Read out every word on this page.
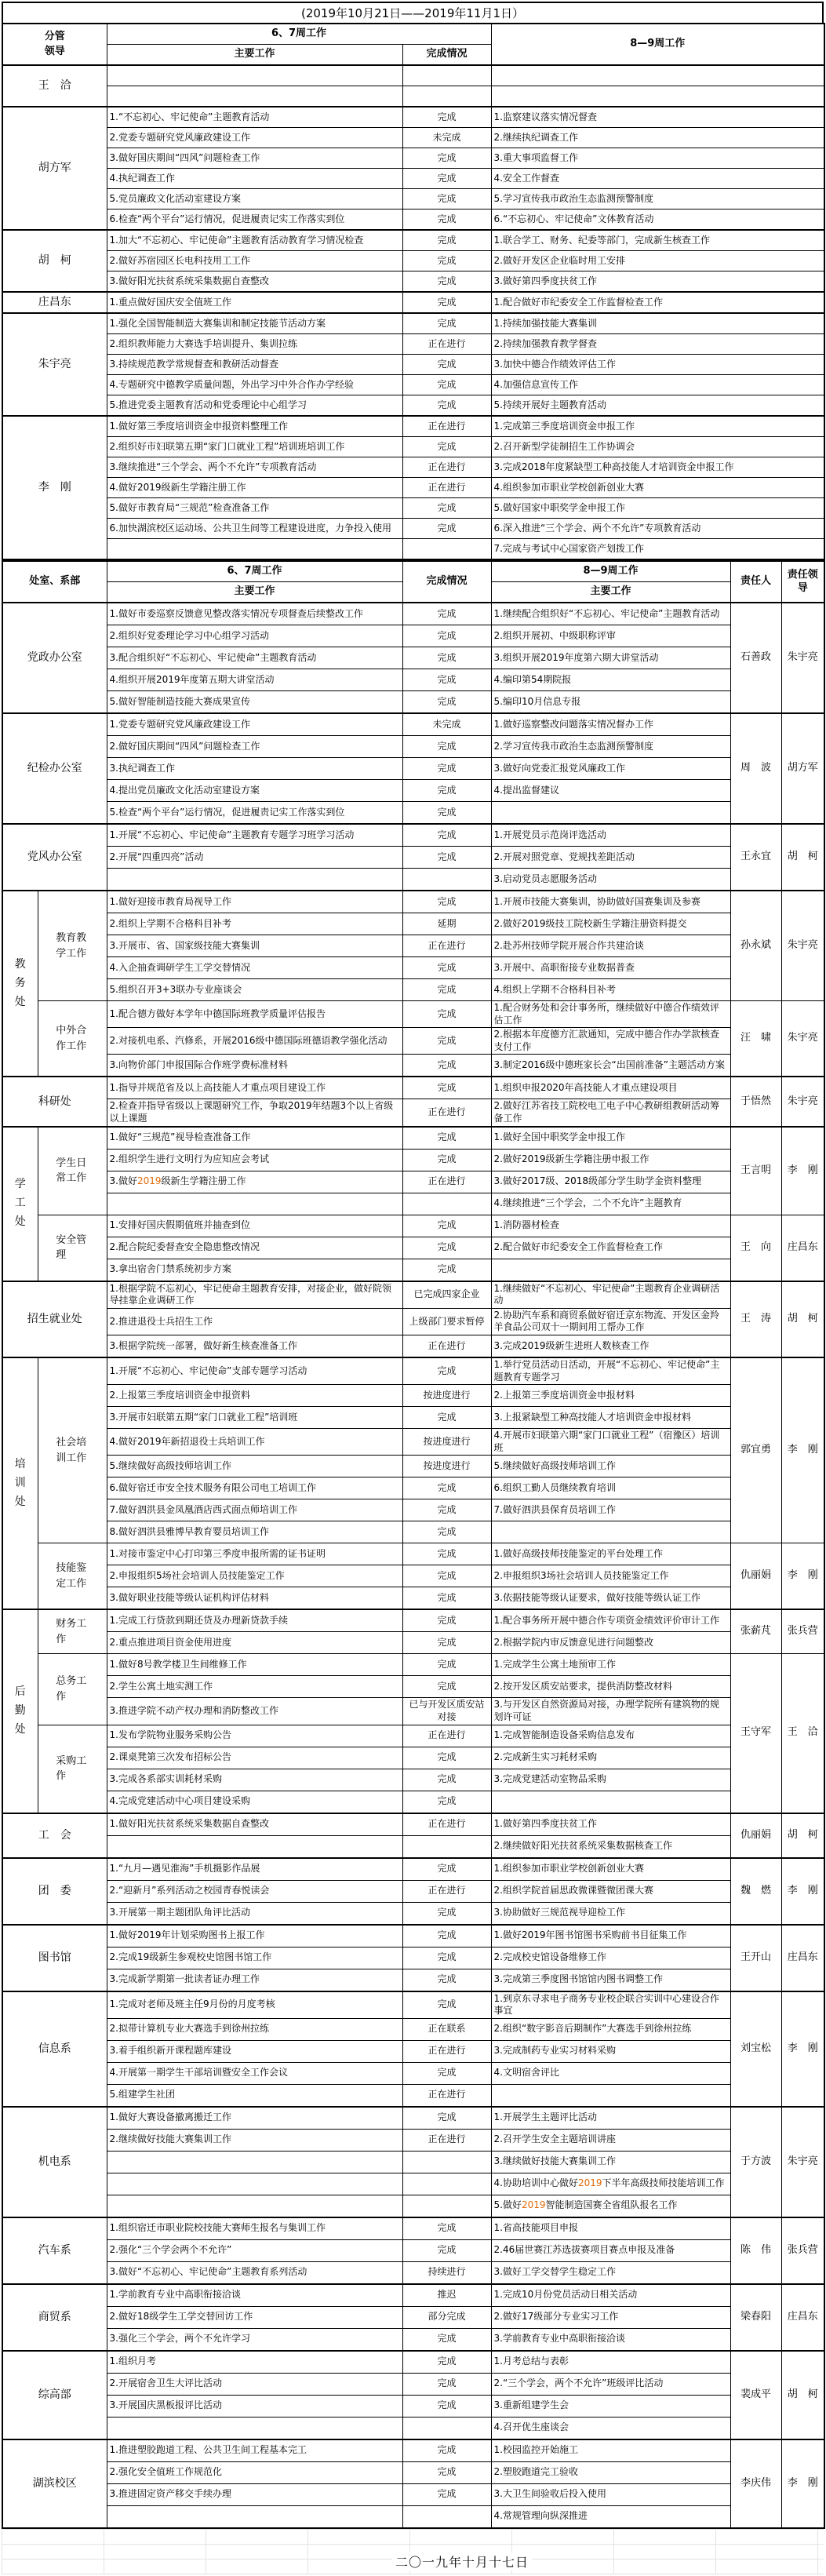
(2019年10月21日——2019年11月1日）
分管领导	6、7周工作		8—9周工作
	主要工作	完成情况	
王　洽			

胡方军	1.“不忘初心、牢记使命”主题教育活动	完成	1.监察建议落实情况督查
	2.党委专题研究党风廉政建设工作	未完成	2.继续执纪调查工作
	3.做好国庆期间“四风”问题检查工作	完成	3.重大事项监督工作
	4.执纪调查工作	完成	4.安全工作督查
	5.党员廉政文化活动室建设方案	完成	5.学习宣传我市政治生态监测预警制度
	6.检查“两个平台”运行情况，促进履责记实工作落实到位	完成	6.“不忘初心、牢记使命”文体教育活动
胡　柯	1.加大“不忘初心、牢记使命”主题教育活动教育学习情况检查	完成	1.联合学工、财务、纪委等部门，完成新生核查工作
	2.做好苏宿园区长电科技用工工作	完成	2.做好开发区企业临时用工安排
	3.做好阳光扶贫系统采集数据自查整改	完成	3.做好第四季度扶贫工作
庄昌东	1.重点做好国庆安全值班工作	完成	1.配合做好市纪委安全工作监督检查工作
朱宇亮	1.强化全国智能制造大赛集训和制定技能节活动方案	完成	1.持续加强技能大赛集训
	2.组织教师能力大赛选手培训提升、集训拉练	正在进行	2.持续加强教育教学督查
	3.持续规范教学常规督查和教研活动督查	完成	3.加快中德合作绩效评估工作
	4.专题研究中德教学质量问题，外出学习中外合作办学经验	完成	4.加强信息宣传工作
	5.推进党委主题教育活动和党委理论中心组学习	完成	5.持续开展好主题教育活动
李　刚	1.做好第三季度培训资金申报资料整理工作	正在进行	1.完成第三季度培训资金申报工作
	2.组织好市妇联第五期“家门口就业工程”培训班培训工作	完成	2.召开新型学徒制招生工作协调会
	3.继续推进“三个学会、两个不允许”专项教育活动	正在进行	3.完成2018年度紧缺型工种高技能人才培训资金申报工作
	4.做好2019级新生学籍注册工作	正在进行	4.组织参加市职业学校创新创业大赛
	5.做好市教育局“三规范”检查准备工作	完成	5.做好国家中职奖学金申报工作
	6.加快湖滨校区运动场、公共卫生间等工程建设进度，力争投入使用	完成	6.深入推进“三个学会、两个不允许”专项教育活动
			7.完成与考试中心国家资产划拨工作
处室、系部		6、7周工作	完成情况	8—9周工作	责任人	责任领导
		主要工作		主要工作		
党政办公室		1.做好市委巡察反馈意见整改落实情况专项督查后续整改工作	完成	1.继续配合组织好“不忘初心、牢记使命”主题教育活动	石善政	朱宇亮
		2.组织好党委理论学习中心组学习活动	完成	2.组织开展初、中级职称评审		
		3.配合组织好“不忘初心、牢记使命”主题教育活动	完成	3.组织开展2019年度第六期大讲堂活动		
		4.组织开展2019年度第五期大讲堂活动	完成	4.编印第54期院报		
		5.做好智能制造技能大赛成果宣传	完成	5.编印10月信息专报		
纪检办公室		1.党委专题研究党风廉政建设工作	未完成	1.做好巡察整改问题落实情况督办工作	周　波	胡方军
		2.做好国庆期间“四风”问题检查工作	完成	2.学习宣传我市政治生态监测预警制度		
		3.执纪调查工作	完成	3.做好向党委汇报党风廉政工作		
		4.提出党员廉政文化活动室建设方案	完成	4.提出监督建议		
		5.检查“两个平台”运行情况，促进履责记实工作落实到位	完成			
党风办公室		1.开展“不忘初心、牢记使命”主题教育专题学习班学习活动	完成	1.开展党员示范岗评选活动	王永宜	胡　柯
		2.开展“四重四亮”活动	完成	2.开展对照党章、党规找差距活动		
				3.启动党员志愿服务活动		

教务处	教育教学工作	1.做好迎接市教育局视导工作	完成	1.开展市技能大赛集训，协助做好国赛集训及参赛	孙永斌	朱宇亮
		2.组织上学期不合格科目补考	延期	2.做好2019级技工院校新生学籍注册资料提交		
		3.开展市、省、国家级技能大赛集训	正在进行	2.赴苏州技师学院开展合作共建洽谈		
		4.入企抽查调研学生工学交替情况	完成	3.开展中、高职衔接专业数据普查		
		5.组织召开3+3联办专业座谈会	完成	4.组织上学期不合格科目补考		
	中外合作工作	1.配合德方做好本学年中德国际班教学质量评估报告	完成	1.配合财务处和会计事务所，继续做好中德合作绩效评估工作	汪　啸	朱宇亮
		2.对接机电系、汽修系，开展2016级中德国际班德语教学强化活动	完成	2.根据本年度德方汇款通知，完成中德合作办学款核查支付工作		
		3.向物价部门申报国际合作班学费标准材料	完成	3.制定2016级中德班家长会“出国前准备”主题活动方案		
科研处		1.指导并规范省及以上高技能人才重点项目建设工作	完成	1.组织申报2020年高技能人才重点建设项目	于悟然	朱宇亮
		2.检查并指导省级以上课题研究工作，争取2019年结题3个以上省级以上课题	正在进行	2.做好江苏省技工院校电工电子中心教研组教研活动筹备工作		

学工处	学生日常工作	1.做好“三规范”视导检查准备工作	完成	1.做好全国中职奖学金申报工作	王言明	李　刚
		2.组织学生进行文明行为应知应会考试	完成	2.做好2019级新生学籍注册申报工作		
		3.做好2019级新生学籍注册工作	正在进行	3.做好2017级、2018级部分学生助学金资料整理		
				4.继续推进“三个学会，二个不允许”主题教育		
	安全管理	1.安排好国庆假期值班并抽查到位	完成	1.消防器材检查	王　向	庄昌东
		2.配合院纪委督查安全隐患整改情况	完成	2.配合做好市纪委安全工作监督检查工作		
		3.拿出宿舍门禁系统初步方案	完成			
招生就业处		1.根据学院不忘初心，牢记使命主题教育安排，对接企业，做好院领导挂靠企业调研工作	已完成四家企业	1.继续做好“不忘初心、牢记使命”主题教育企业调研活动	王　涛	胡　柯
		2.推进退役士兵招生工作	上级部门要求暂停	2.协助汽车系和商贸系做好宿迁京东物流、开发区金羚羊食品公司双十一期间用工帮办工作		
		3.根据学院统一部署，做好新生核查准备工作	正在进行	3.完成2019级新生进班人数核查工作		

培训处	社会培训工作	1.开展“不忘初心、牢记使命”支部专题学习活动	完成	1.举行党员活动日活动，开展“不忘初心、牢记使命”主题教育专题学习	郭宜勇	李　刚
		2.上报第三季度培训资金申报资料	按进度进行	2.上报第三季度培训资金申报材料		
		3.开展市妇联第五期“家门口就业工程”培训班	完成	3.上报紧缺型工种高技能人才培训资金申报材料		
		4.做好2019年新招退役士兵培训工作	按进度进行	4.开展市妇联第六期“家门口就业工程”（宿豫区）培训班		
		5.继续做好高级技师培训工作	按进度进行	5.继续做好高级技师培训工作		
		6.做好宿迁市安全技术服务有限公司电工培训工作	完成	6.组织工勤人员继续教育培训		
		7.做好泗洪县金凤凰酒店西式面点师培训工作	完成	7.做好泗洪县保育员培训工作		
		8.做好泗洪县雅博早教育婴员培训工作	完成			
	技能鉴定工作	1.对接市鉴定中心打印第三季度申报所需的证书证明	完成	1.做好高级技师技能鉴定的平台处理工作	仇丽娟	李　刚
		2.申报组织5场社会培训人员技能鉴定工作	完成	2.申报组织3场社会培训人员技能鉴定工作		
		3.做好职业技能等级认证机构评估材料	完成	3.依据技能等级认证要求，做好技能等级认证工作		

后勤处	财务工作	1.完成工行贷款到期还贷及办理新贷款手续	完成	1.配合事务所开展中德合作专项资金绩效评价审计工作	张薪芃	张兵营
		2.重点推进项目资金使用进度	完成	2.根据学院内审反馈意见进行问题整改		
	总务工作	1.做好8号教学楼卫生间维修工作	完成	1.完成学生公寓土地预审工作	王守军	王　洽
		2.学生公寓土地实测工作	完成	2.按开发区质安站要求，提供消防整改材料		
		3.推进学院不动产权办理和消防整改工作	已与开发区质安站对接	3.与开发区自然资源局对接，办理学院所有建筑物的规划许可证		
	采购工作	1.发布学院物业服务采购公告	正在进行	1.完成智能制造设备采购信息发布		
		2.课桌凳第三次发布招标公告	完成	2.完成新生实习耗材采购		
		3.完成各系部实训耗材采购	完成	3.完成党建活动室物品采购		
		4.完成党建活动中心项目建设采购	完成			
工　会		1.做好阳光扶贫系统采集数据自查整改	正在进行	1.做好第四季度扶贫工作	仇丽娟	胡　柯
				2.继续做好阳光扶贫系统采集数据核查工作		
团　委		1.“九月—遇见淮海”手机摄影作品展	完成	1.组织参加市职业学校创新创业大赛	魏　燃	李　刚
		2.“迎新月”系列活动之校园青春悦读会	正在进行	2.组织学院首届思政微课暨微团课大赛		
		3.开展第一期主题团队角评比活动	完成	3.协助做好三规范视导迎检工作		
图书馆		1.做好2019年计划采购图书上报工作	完成	1.做好2019年图书馆图书采购前书目征集工作	王开山	庄昌东
		2.完成19级新生参观校史馆图书馆工作	完成	2.完成校史馆设备维修工作		
		3.完成新学期第一批读者证办理工作	完成	3.完成第三季度图书馆馆内图书调整工作		
信息系		1.完成对老师及班主任9月份的月度考核	完成	1.到京东寻求电子商务专业校企联合实训中心建设合作事宜	刘宝松	李　刚
		2.拟带计算机专业大赛选手到徐州拉练	正在联系	2.组织“数字影音后期制作”大赛选手到徐州拉练		
		3.着手组织新开课程题库建设	正在进行	3.完成制药专业实习材料采购		
		4.开展第一期学生干部培训暨安全工作会议	完成	4.文明宿舍评比		
		5.组建学生社团	正在进行			
机电系		1.做好大赛设备撤离搬迁工作	完成	1.开展学生主题评比活动	于方波	朱宇亮
		2.继续做好技能大赛集训工作	正在进行	2.召开学生安全主题培训讲座		
				3.继续做好技能大赛集训工作		
				4.协助培训中心做好2019下半年高级技师技能培训工作		
				5.做好2019智能制造国赛全省组队报名工作		
汽车系		1.组织宿迁市职业院校技能大赛师生报名与集训工作	完成	1.省高技能项目申报	陈　伟	张兵营
		2.强化“三个学会两个不允许”	完成	2.46届世赛江苏选拔赛项目赛点申报及准备		
		3.做好“不忘初心、牢记使命”主题教育系列活动	持续进行	3.做好工学交替学生稳定工作		
商贸系		1.学前教育专业中高职衔接洽谈	推迟	1.完成10月份党员活动日相关活动	梁春阳	庄昌东
		2.做好18级学生工学交替回访工作	部分完成	2.做好17级部分专业实习工作		
		3.强化三个学会，两个不允许学习	完成	3.学前教育专业中高职衔接洽谈		
综高部		1.组织月考	完成	1.月考总结与表彰	裴成平	胡　柯
		2.开展宿舍卫生大评比活动	完成	2.“三个学会，两个不允许”班级评比活动		
		3.开展国庆黑板报评比活动	完成	3.重新组建学生会		
				4.召开优生座谈会		
湖滨校区		1.推进塑胶跑道工程、公共卫生间工程基本完工	完成	1.校园监控开始施工	李庆伟	李　刚
		2.强化安全值班工作规范化	完成	2.塑胶跑道完工验收		
		3.推进固定资产移交手续办理	完成	3.大卫生间验收后投入使用		
				4.常规管理向纵深推进		
二〇一九年十月十七日
